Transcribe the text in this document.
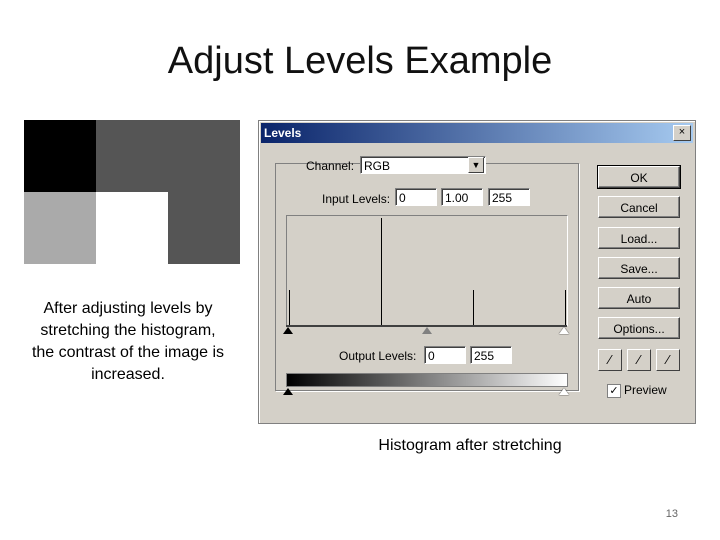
Adjust Levels Example
After adjusting levels by stretching the histogram, the contrast of the image is increased.
Levels	×
Channel: RGB	▼
Input Levels: 0	1.00	255
Output Levels: 0	255
OK
Cancel
Load...
Save...
Auto
Options...
⁄	⁄	⁄
✓ Preview
Histogram after stretching
13
